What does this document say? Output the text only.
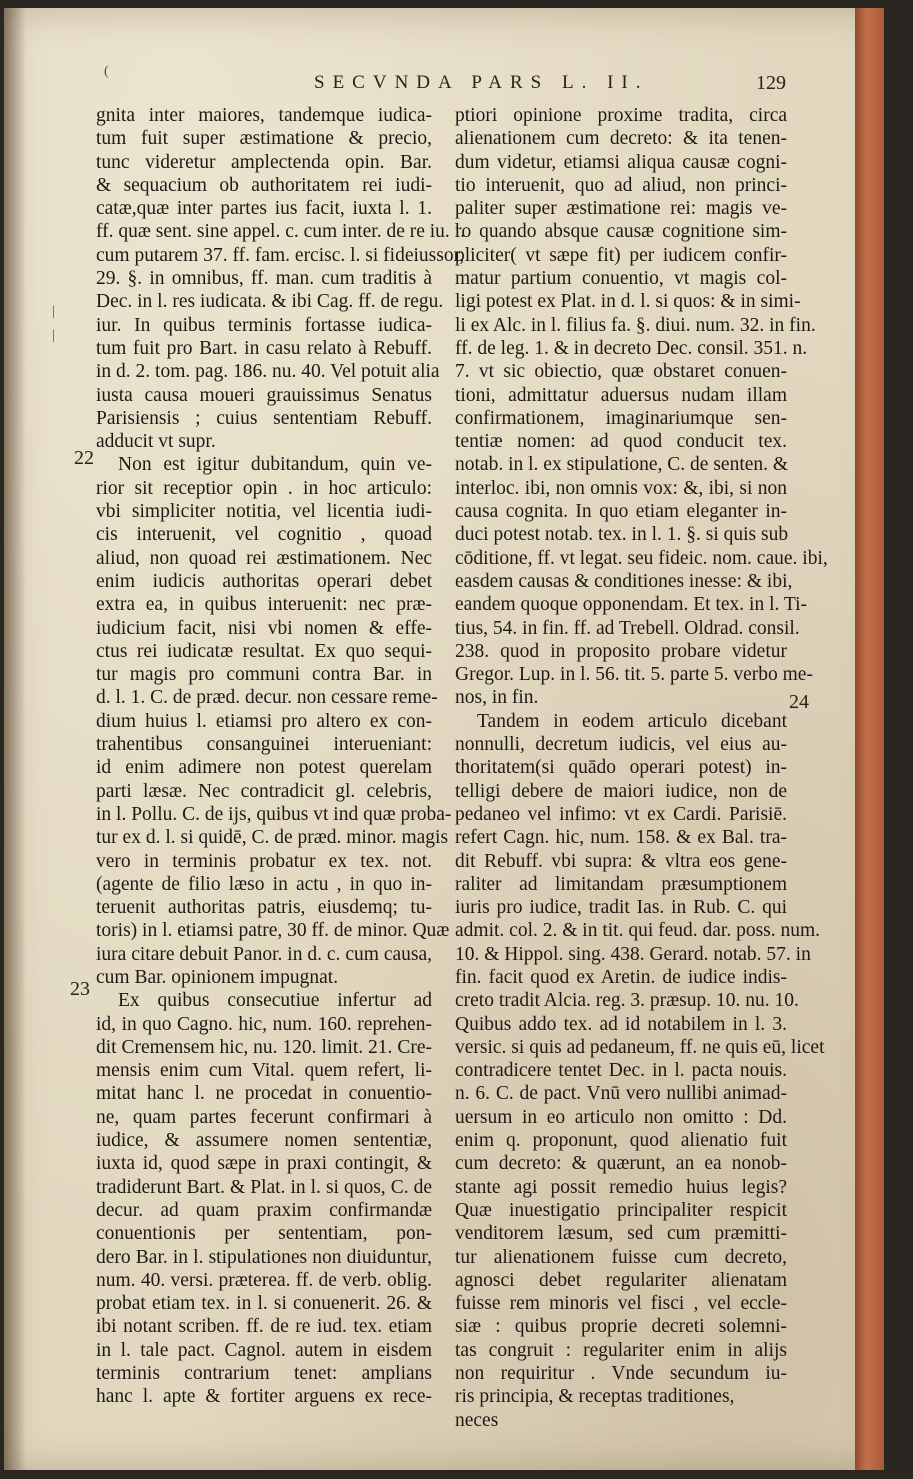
(
|
|
SECVNDA PARS L. II.	129
22
23
24
gnita inter maiores, tandemque iudica-
tum fuit super æstimatione & precio,
tunc videretur amplectenda opin. Bar.
& sequacium ob authoritatem rei iudi-
catæ,quæ inter partes ius facit, iuxta l. 1.
ff. quæ sent. sine appel. c. cum inter. de re iu. l.
cum putarem 37. ff. fam. ercisc. l. si fideiussor,
29. §. in omnibus, ff. man. cum traditis à
Dec. in l. res iudicata. & ibi Cag. ff. de regu.
iur. In quibus terminis fortasse iudica-
tum fuit pro Bart. in casu relato à Rebuff.
in d. 2. tom. pag. 186. nu. 40. Vel potuit alia
iusta causa moueri grauissimus Senatus
Parisiensis ; cuius sententiam Rebuff.
adducit vt supr.
Non est igitur dubitandum, quin ve-
rior sit receptior opin . in hoc articulo:
vbi simpliciter notitia, vel licentia iudi-
cis interuenit, vel cognitio , quoad
aliud, non quoad rei æstimationem. Nec
enim iudicis authoritas operari debet
extra ea, in quibus interuenit: nec præ-
iudicium facit, nisi vbi nomen & effe-
ctus rei iudicatæ resultat. Ex quo sequi-
tur magis pro communi contra Bar. in
d. l. 1. C. de præd. decur. non cessare reme-
dium huius l. etiamsi pro altero ex con-
trahentibus consanguinei interueniant:
id enim adimere non potest querelam
parti læsæ. Nec contradicit gl. celebris,
in l. Pollu. C. de ijs, quibus vt ind quæ proba-
tur ex d. l. si quidē, C. de præd. minor. magis
vero in terminis probatur ex tex. not.
(agente de filio læso in actu , in quo in-
teruenit authoritas patris, eiusdemq; tu-
toris) in l. etiamsi patre, 30 ff. de minor. Quæ
iura citare debuit Panor. in d. c. cum causa,
cum Bar. opinionem impugnat.
Ex quibus consecutiue infertur ad
id, in quo Cagno. hic, num. 160. reprehen-
dit Cremensem hic, nu. 120. limit. 21. Cre-
mensis enim cum Vital. quem refert, li-
mitat hanc l. ne procedat in conuentio-
ne, quam partes fecerunt confirmari à
iudice, & assumere nomen sententiæ,
iuxta id, quod sæpe in praxi contingit, &
tradiderunt Bart. & Plat. in l. si quos, C. de
decur. ad quam praxim confirmandæ
conuentionis per sententiam, pon-
dero Bar. in l. stipulationes non diuiduntur,
num. 40. versi. præterea. ff. de verb. oblig.
probat etiam tex. in l. si conuenerit. 26. &
ibi notant scriben. ff. de re iud. tex. etiam
in l. tale pact. Cagnol. autem in eisdem
terminis contrarium tenet: amplians
hanc l. apte & fortiter arguens ex rece-
ptiori opinione proxime tradita, circa
alienationem cum decreto: & ita tenen-
dum videtur, etiamsi aliqua causæ cogni-
tio interuenit, quo ad aliud, non princi-
paliter super æstimatione rei: magis ve-
ro quando absque causæ cognitione sim-
pliciter( vt sæpe fit) per iudicem confir-
matur partium conuentio, vt magis col-
ligi potest ex Plat. in d. l. si quos: & in simi-
li ex Alc. in l. filius fa. §. diui. num. 32. in fin.
ff. de leg. 1. & in decreto Dec. consil. 351. n.
7. vt sic obiectio, quæ obstaret conuen-
tioni, admittatur aduersus nudam illam
confirmationem, imaginariumque sen-
tentiæ nomen: ad quod conducit tex.
notab. in l. ex stipulatione, C. de senten. &
interloc. ibi, non omnis vox: &, ibi, si non
causa cognita. In quo etiam eleganter in-
duci potest notab. tex. in l. 1. §. si quis sub
cōditione, ff. vt legat. seu fideic. nom. caue. ibi,
easdem causas & conditiones inesse: & ibi,
eandem quoque opponendam. Et tex. in l. Ti-
tius, 54. in fin. ff. ad Trebell. Oldrad. consil.
238. quod in proposito probare videtur
Gregor. Lup. in l. 56. tit. 5. parte 5. verbo me-
nos, in fin.
Tandem in eodem articulo dicebant
nonnulli, decretum iudicis, vel eius au-
thoritatem(si quādo operari potest) in-
telligi debere de maiori iudice, non de
pedaneo vel infimo: vt ex Cardi. Parisiē.
refert Cagn. hic, num. 158. & ex Bal. tra-
dit Rebuff. vbi supra: & vltra eos gene-
raliter ad limitandam præsumptionem
iuris pro iudice, tradit Ias. in Rub. C. qui
admit. col. 2. & in tit. qui feud. dar. poss. num.
10. & Hippol. sing. 438. Gerard. notab. 57. in
fin. facit quod ex Aretin. de iudice indis-
creto tradit Alcia. reg. 3. præsup. 10. nu. 10.
Quibus addo tex. ad id notabilem in l. 3.
versic. si quis ad pedaneum, ff. ne quis eū, licet
contradicere tentet Dec. in l. pacta nouis.
n. 6. C. de pact. Vnū vero nullibi animad-
uersum in eo articulo non omitto : Dd.
enim q. proponunt, quod alienatio fuit
cum decreto: & quærunt, an ea nonob-
stante agi possit remedio huius legis?
Quæ inuestigatio principaliter respicit
venditorem læsum, sed cum præmitti-
tur alienationem fuisse cum decreto,
agnosci debet regulariter alienatam
fuisse rem minoris vel fisci , vel eccle-
siæ : quibus proprie decreti solemni-
tas congruit : regulariter enim in alijs
non requiritur . Vnde secundum iu-
ris principia, & receptas traditiones,
neces
